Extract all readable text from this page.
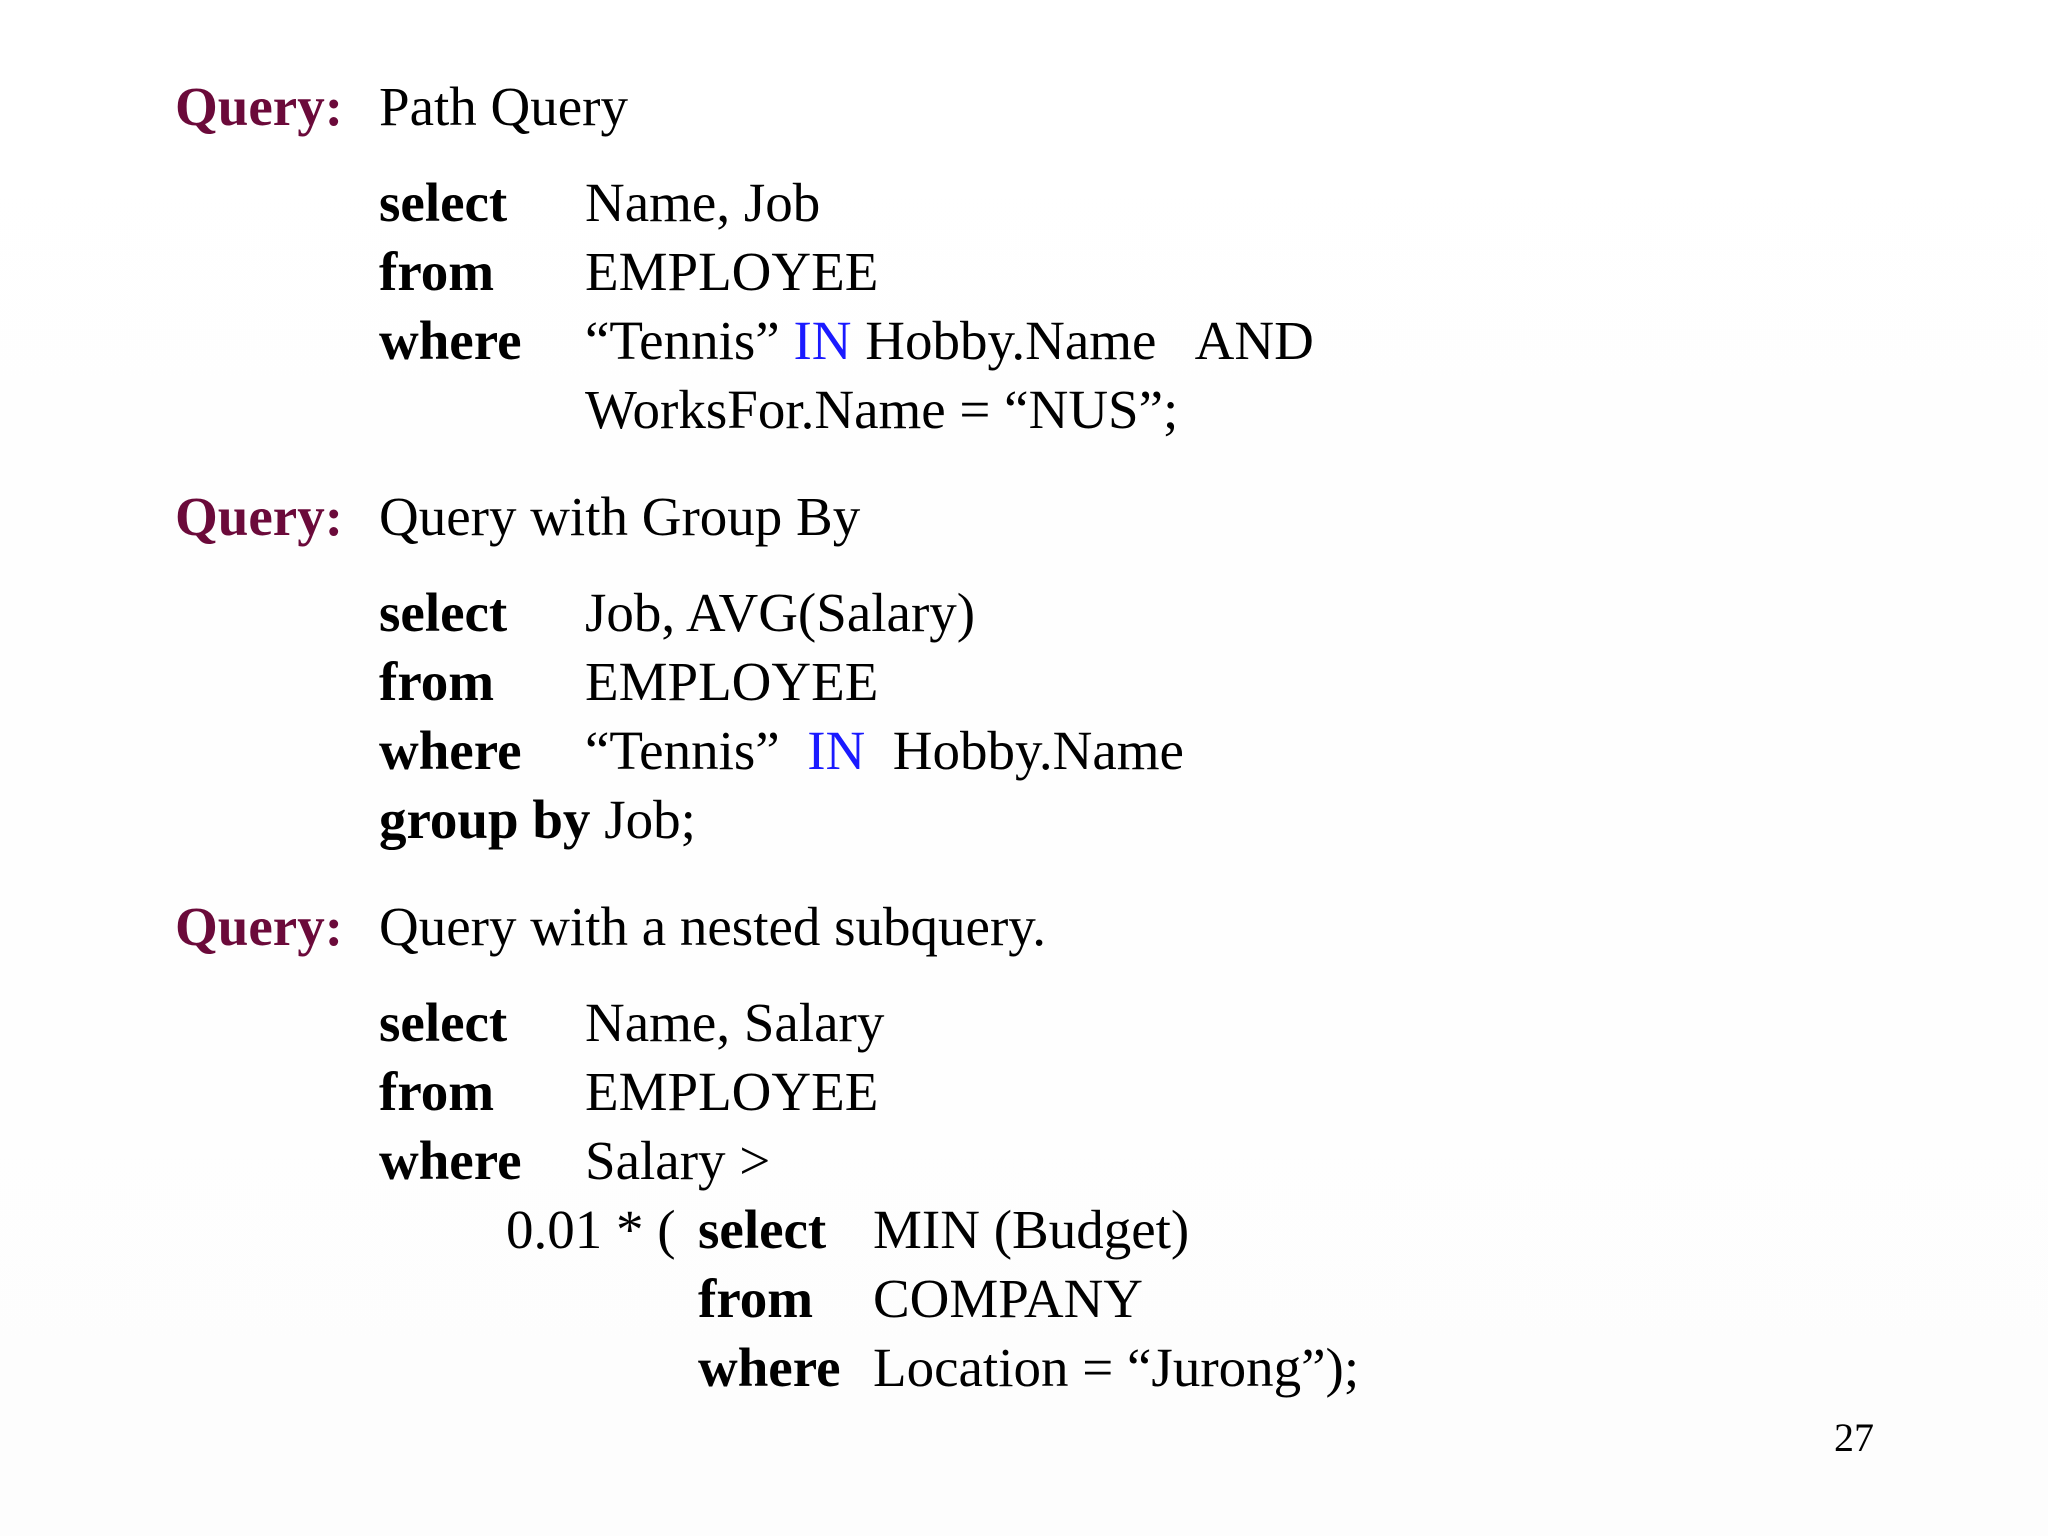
Query: Path Query
select Name, Job
from EMPLOYEE
where “Tennis” IN Hobby.Name   AND
WorksFor.Name = “NUS”;
Query: Query with Group By
select Job, AVG(Salary)
from EMPLOYEE
where “Tennis”  IN  Hobby.Name
group by Job;
Query: Query with a nested subquery.
select Name, Salary
from EMPLOYEE
where Salary >
0.01 * ( select MIN (Budget)
from COMPANY
where Location = “Jurong”);
27
